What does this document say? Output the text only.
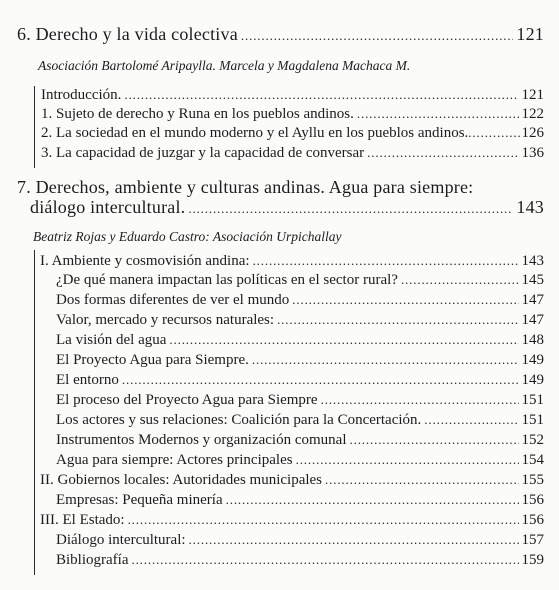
6. Derecho y la vida colectiva . . .	121
Asociación Bartolomé Aripaylla. Marcela y Magdalena Machaca M.
Introducción. . . .	121
1. Sujeto de derecho y Runa en los pueblos andinos. . . .	122
2. La sociedad en el mundo moderno y el Ayllu en los pueblos andinos. . . .	126
3. La capacidad de juzgar y la capacidad de conversar . . .	136
7. Derechos, ambiente y culturas andinas. Agua para siempre:
diálogo intercultural. . . .	143
Beatriz Rojas y Eduardo Castro: Asociación Urpichallay
I. Ambiente y cosmovisión andina: . . .	143
¿De qué manera impactan las políticas en el sector rural? . . .	145
Dos formas diferentes de ver el mundo . . .	147
Valor, mercado y recursos naturales: . . .	147
La visión del agua . . .	148
El Proyecto Agua para Siempre. . . .	149
El entorno . . .	149
El proceso del Proyecto Agua para Siempre . . .	151
Los actores y sus relaciones: Coalición para la Concertación. . . .	151
Instrumentos Modernos y organización comunal . . .	152
Agua para siempre: Actores principales . . .	154
II. Gobiernos locales: Autoridades municipales . . .	155
Empresas: Pequeña minería . . .	156
III. El Estado: . . .	156
Diálogo intercultural: . . .	157
Bibliografía . . .	159
